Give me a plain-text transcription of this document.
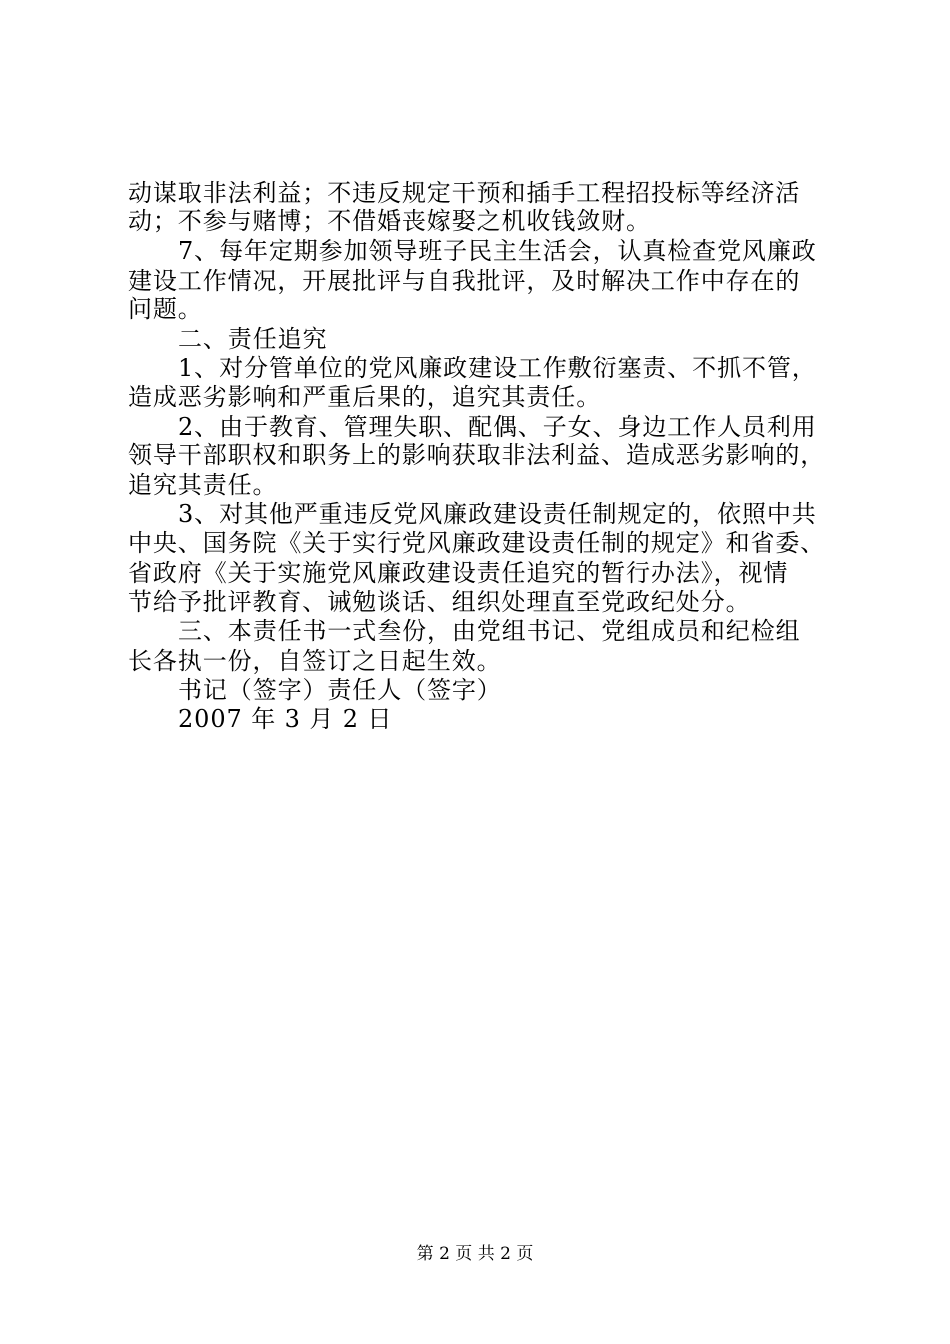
动谋取非法利益；不违反规定干预和插手工程招投标等经济活
动；不参与赌博；不借婚丧嫁娶之机收钱敛财。
7、每年定期参加领导班子民主生活会，认真检查党风廉政
建设工作情况，开展批评与自我批评，及时解决工作中存在的
问题。
二、责任追究
1、对分管单位的党风廉政建设工作敷衍塞责、不抓不管，
造成恶劣影响和严重后果的，追究其责任。
2、由于教育、管理失职、配偶、子女、身边工作人员利用
领导干部职权和职务上的影响获取非法利益、造成恶劣影响的，
追究其责任。
3、对其他严重违反党风廉政建设责任制规定的，依照中共
中央、国务院《关于实行党风廉政建设责任制的规定》和省委、
省政府《关于实施党风廉政建设责任追究的暂行办法》，视情
节给予批评教育、诫勉谈话、组织处理直至党政纪处分。
三、本责任书一式叁份，由党组书记、党组成员和纪检组
长各执一份，自签订之日起生效。
书记（签字）责任人（签字）
2007 年 3 月 2 日
第 2 页 共 2 页
